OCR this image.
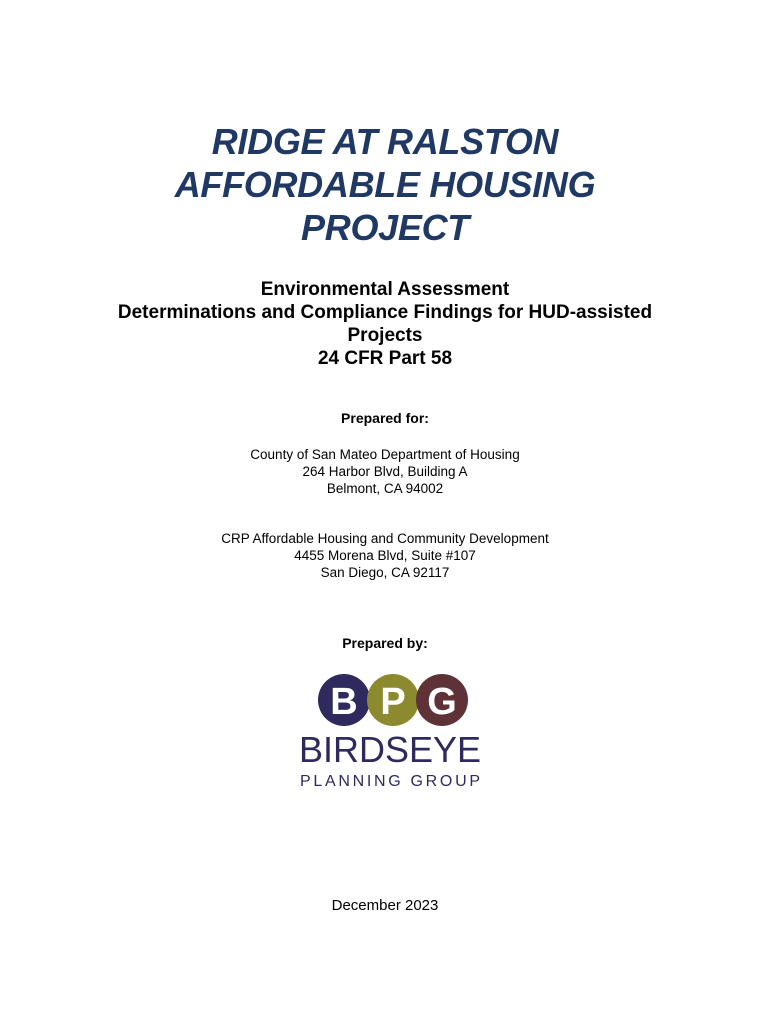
RIDGE AT RALSTON
AFFORDABLE HOUSING
PROJECT
Environmental Assessment
Determinations and Compliance Findings for HUD-assisted
Projects
24 CFR Part 58
Prepared for:
County of San Mateo Department of Housing
264 Harbor Blvd, Building A
Belmont, CA 94002
CRP Affordable Housing and Community Development
4455 Morena Blvd, Suite #107
San Diego, CA 92117
Prepared by:
B P G
BIRDSEYE
PLANNING GROUP
December 2023
